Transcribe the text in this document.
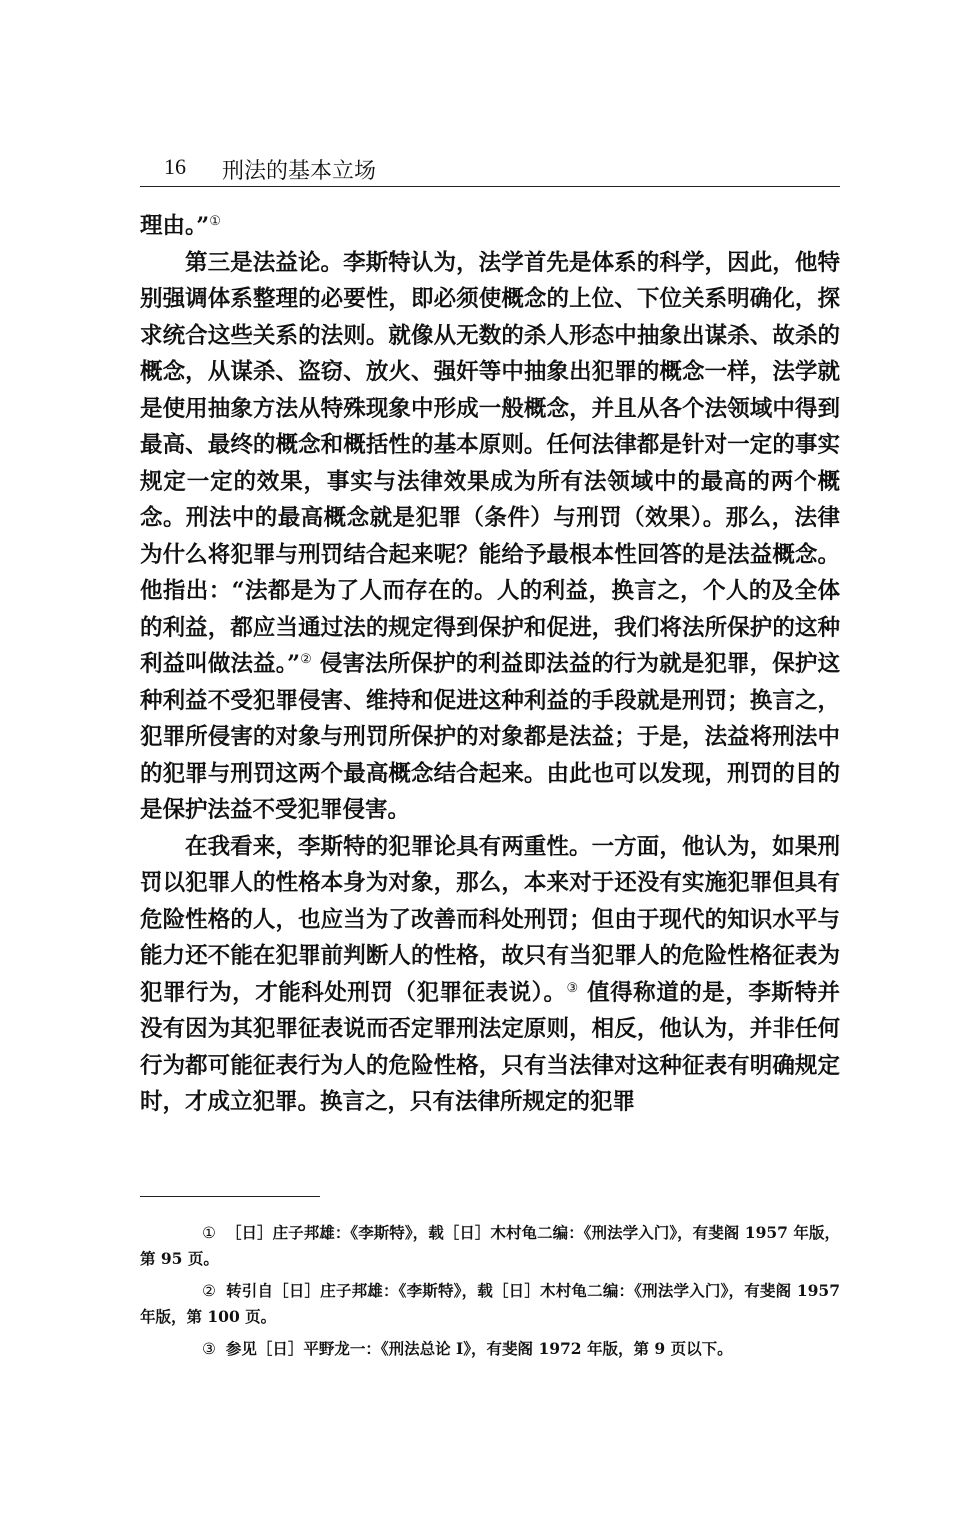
16 刑法的基本立场

理由。”①

第三是法益论。李斯特认为，法学首先是体系的科学，因此，他特别强调体系整理的必要性，即必须使概念的上位、下位关系明确化，探求统合这些关系的法则。就像从无数的杀人形态中抽象出谋杀、故杀的概念，从谋杀、盗窃、放火、强奸等中抽象出犯罪的概念一样，法学就是使用抽象方法从特殊现象中形成一般概念，并且从各个法领域中得到最高、最终的概念和概括性的基本原则。任何法律都是针对一定的事实规定一定的效果，事实与法律效果成为所有法领域中的最高的两个概念。刑法中的最高概念就是犯罪（条件）与刑罚（效果）。那么，法律为什么将犯罪与刑罚结合起来呢？能给予最根本性回答的是法益概念。他指出：“法都是为了人而存在的。人的利益，换言之，个人的及全体的利益，都应当通过法的规定得到保护和促进，我们将法所保护的这种利益叫做法益。”② 侵害法所保护的利益即法益的行为就是犯罪，保护这种利益不受犯罪侵害、维持和促进这种利益的手段就是刑罚；换言之，犯罪所侵害的对象与刑罚所保护的对象都是法益；于是，法益将刑法中的犯罪与刑罚这两个最高概念结合起来。由此也可以发现，刑罚的目的是保护法益不受犯罪侵害。

在我看来，李斯特的犯罪论具有两重性。一方面，他认为，如果刑罚以犯罪人的性格本身为对象，那么，本来对于还没有实施犯罪但具有危险性格的人，也应当为了改善而科处刑罚；但由于现代的知识水平与能力还不能在犯罪前判断人的性格，故只有当犯罪人的危险性格征表为犯罪行为，才能科处刑罚（犯罪征表说）。③ 值得称道的是，李斯特并没有因为其犯罪征表说而否定罪刑法定原则，相反，他认为，并非任何行为都可能征表行为人的危险性格，只有当法律对这种征表有明确规定时，才成立犯罪。换言之，只有法律所规定的犯罪

① ［日］庄子邦雄：《李斯特》，载［日］木村龟二编：《刑法学入门》，有斐阁 1957 年版，第 95 页。

② 转引自［日］庄子邦雄：《李斯特》，载［日］木村龟二编：《刑法学入门》，有斐阁 1957 年版，第 100 页。

③ 参见［日］平野龙一：《刑法总论 I》，有斐阁 1972 年版，第 9 页以下。
